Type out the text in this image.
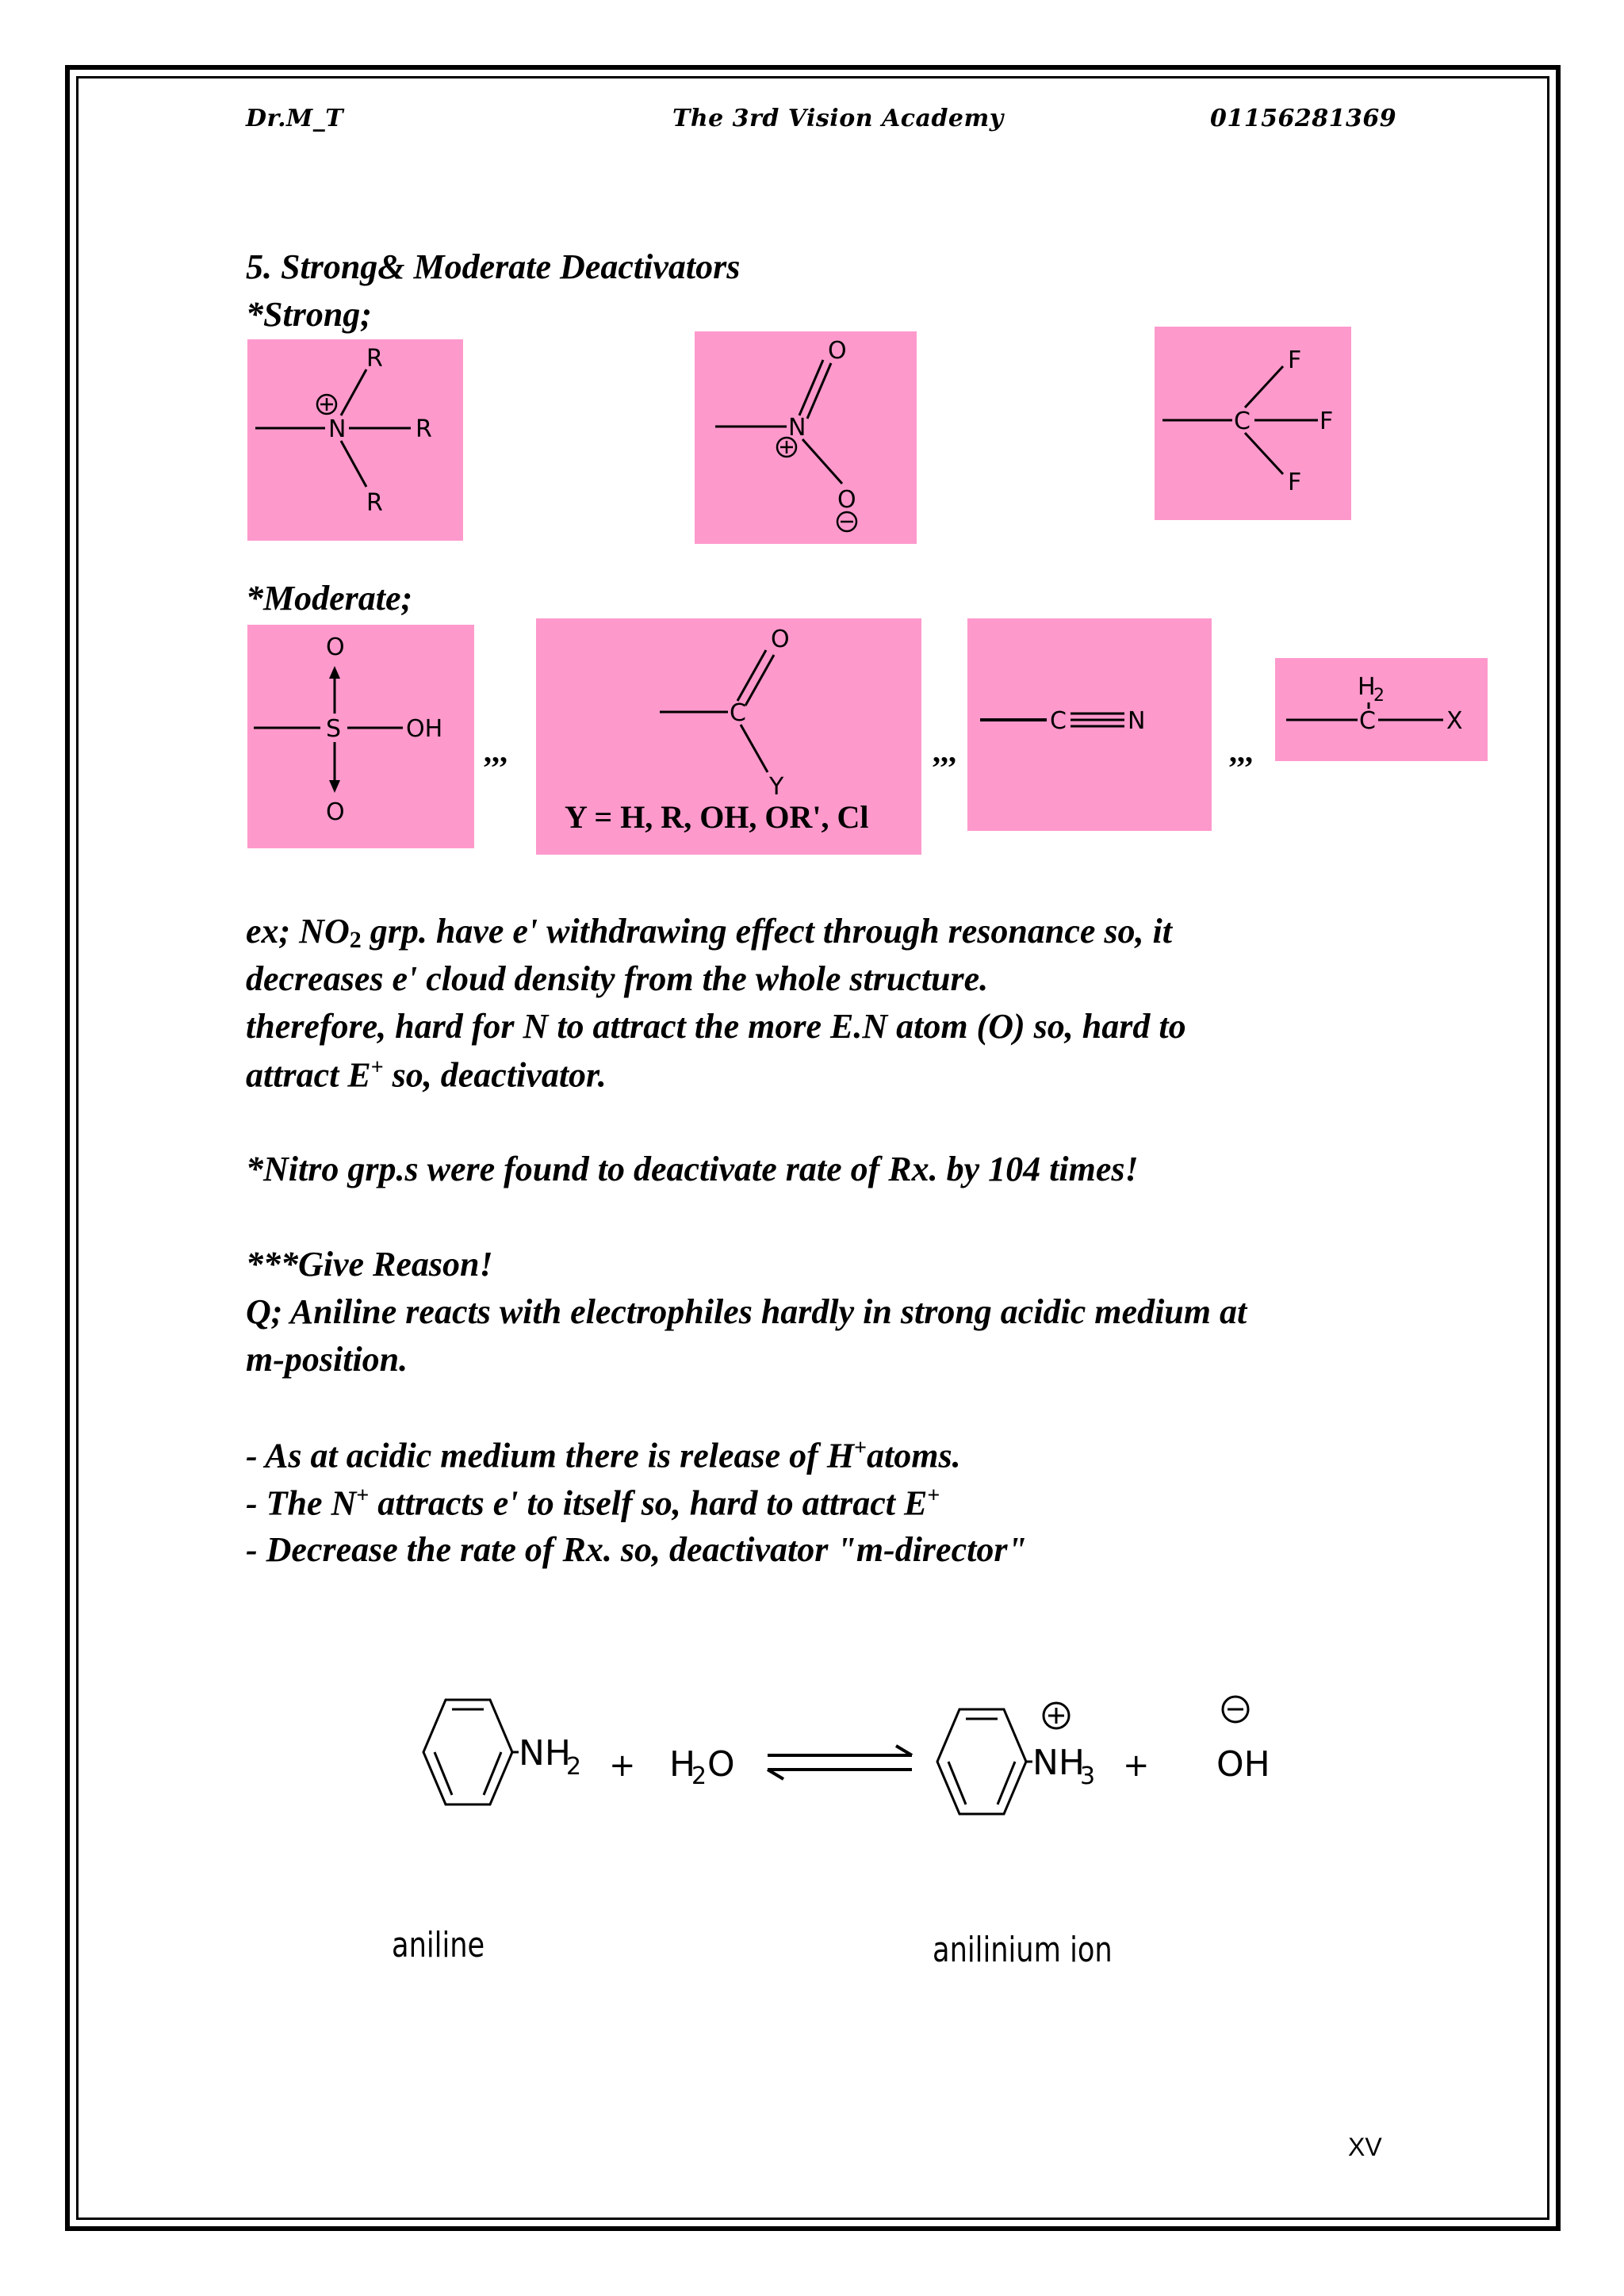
Dr.M_T	The 3rd Vision Academy	01156281369
5. Strong& Moderate Deactivators
*Strong;
N	R
R
R
N
O
O
C	F
F
F
*Moderate;
S
O
O
OH
,,,
C
O
Y
Y = H, R, OH, OR', Cl
,,,
C	N
,,,
C
H
2
X
ex; $NO_2$ grp. have e' withdrawing effect through resonance so, it
decreases e' cloud density from the whole structure.
therefore, hard for N to attract the more E.N atom (O) so, hard to
attract E+ so, deactivator.
*Nitro grp.s were found to deactivate rate of Rx. by 104 times!
***Give Reason!
Q; Aniline reacts with electrophiles hardly in strong acidic medium at
m-position.
- As at acidic medium there is release of H+atoms.
- The N+ attracts e' to itself so, hard to attract E+
- Decrease the rate of Rx. so, deactivator "m-director"
NH
2 + H
2 O	NH
3 + OH
aniline	anilinium ion
XV
